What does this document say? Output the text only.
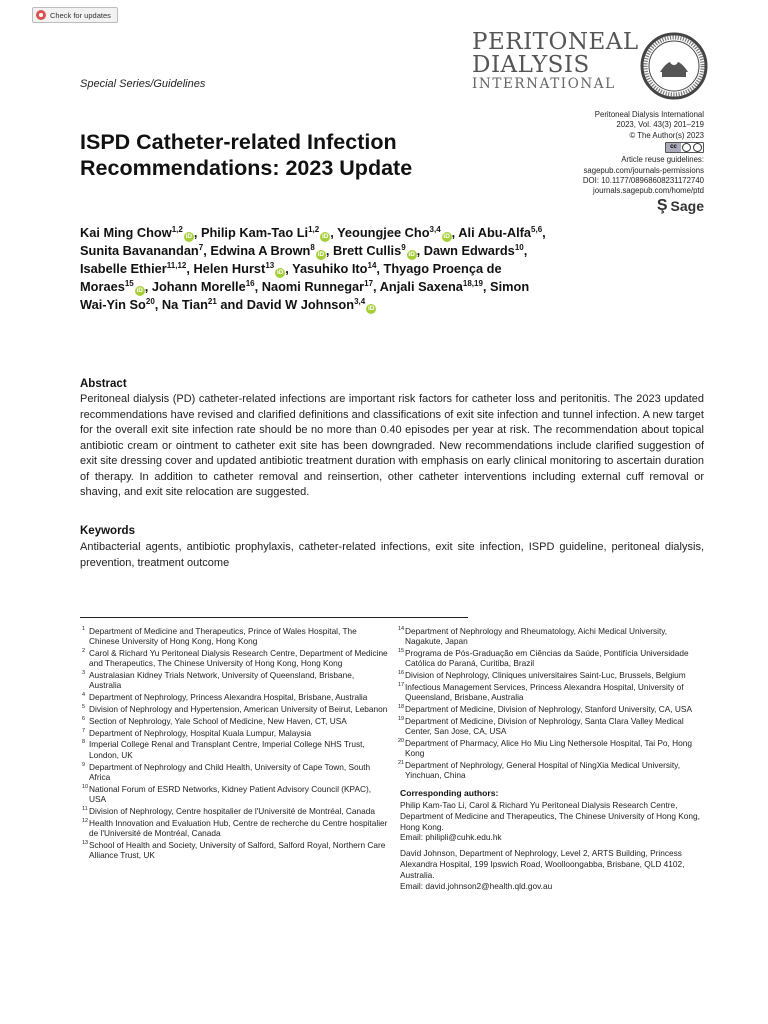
Check for updates
PERITONEAL
DIALYSIS
INTERNATIONAL
Special Series/Guidelines
ISPD Catheter-related Infection Recommendations: 2023 Update
Peritoneal Dialysis International
2023, Vol. 43(3) 201–219
© The Author(s) 2023
cc
Article reuse guidelines:
sagepub.com/journals-permissions
DOI: 10.1177/08968608231172740
journals.sagepub.com/home/ptd
Ş Sage
Kai Ming Chow$^{1,2}$iD , Philip Kam-Tao Li$^{1,2}$iD , Yeoungjee Cho$^{3,4}$iD , Ali Abu-Alfa$^{5,6}$, Sunita Bavanandan$^7$, Edwina A Brown$^8$iD , Brett Cullis$^9$iD , Dawn Edwards$^{10}$, Isabelle Ethier$^{11,12}$, Helen Hurst$^{13}$iD , Yasuhiko Ito$^{14}$, Thyago Proença de Moraes$^{15}$iD , Johann Morelle$^{16}$, Naomi Runnegar$^{17}$, Anjali Saxena$^{18,19}$, Simon Wai-Yin So$^{20}$, Na Tian$^{21}$ and David W Johnson$^{3,4}$iD
Abstract

Peritoneal dialysis (PD) catheter-related infections are important risk factors for catheter loss and peritonitis. The 2023 updated recommendations have revised and clarified definitions and classifications of exit site infection and tunnel infection. A new target for the overall exit site infection rate should be no more than 0.40 episodes per year at risk. The recommendation about topical antibiotic cream or ointment to catheter exit site has been downgraded. New recommendations include clarified suggestion of exit site dressing cover and updated antibiotic treatment duration with emphasis on early clinical monitoring to ascertain duration of therapy. In addition to catheter removal and reinsertion, other catheter interventions including external cuff removal or shaving, and exit site relocation are suggested.

Keywords

Antibacterial agents, antibiotic prophylaxis, catheter-related infections, exit site infection, ISPD guideline, peritoneal dialysis, prevention, treatment outcome

1 Department of Medicine and Therapeutics, Prince of Wales Hospital, The Chinese University of Hong Kong, Hong Kong
2 Carol & Richard Yu Peritoneal Dialysis Research Centre, Department of Medicine and Therapeutics, The Chinese University of Hong Kong, Hong Kong
3 Australasian Kidney Trials Network, University of Queensland, Brisbane, Australia
4 Department of Nephrology, Princess Alexandra Hospital, Brisbane, Australia
5 Division of Nephrology and Hypertension, American University of Beirut, Lebanon
6 Section of Nephrology, Yale School of Medicine, New Haven, CT, USA
7 Department of Nephrology, Hospital Kuala Lumpur, Malaysia
8 Imperial College Renal and Transplant Centre, Imperial College NHS Trust, London, UK
9 Department of Nephrology and Child Health, University of Cape Town, South Africa
10 National Forum of ESRD Networks, Kidney Patient Advisory Council (KPAC), USA
11 Division of Nephrology, Centre hospitalier de l'Université de Montréal, Canada
12 Health Innovation and Evaluation Hub, Centre de recherche du Centre hospitalier de l'Université de Montréal, Canada
13 School of Health and Society, University of Salford, Salford Royal, Northern Care Alliance Trust, UK
14 Department of Nephrology and Rheumatology, Aichi Medical University, Nagakute, Japan
15 Programa de Pós-Graduação em Ciências da Saúde, Pontifícia Universidade Católica do Paraná, Curitiba, Brazil
16 Division of Nephrology, Cliniques universitaires Saint-Luc, Brussels, Belgium
17 Infectious Management Services, Princess Alexandra Hospital, University of Queensland, Brisbane, Australia
18 Department of Medicine, Division of Nephrology, Stanford University, CA, USA
19 Department of Medicine, Division of Nephrology, Santa Clara Valley Medical Center, San Jose, CA, USA
20 Department of Pharmacy, Alice Ho Miu Ling Nethersole Hospital, Tai Po, Hong Kong
21 Department of Nephrology, General Hospital of NingXia Medical University, Yinchuan, China
Corresponding authors:
Philip Kam-Tao Li, Carol & Richard Yu Peritoneal Dialysis Research Centre, Department of Medicine and Therapeutics, The Chinese University of Hong Kong, Hong Kong.
Email: philipli@cuhk.edu.hk
David Johnson, Department of Nephrology, Level 2, ARTS Building, Princess Alexandra Hospital, 199 Ipswich Road, Woolloongabba, Brisbane, QLD 4102, Australia.
Email: david.johnson2@health.qld.gov.au
